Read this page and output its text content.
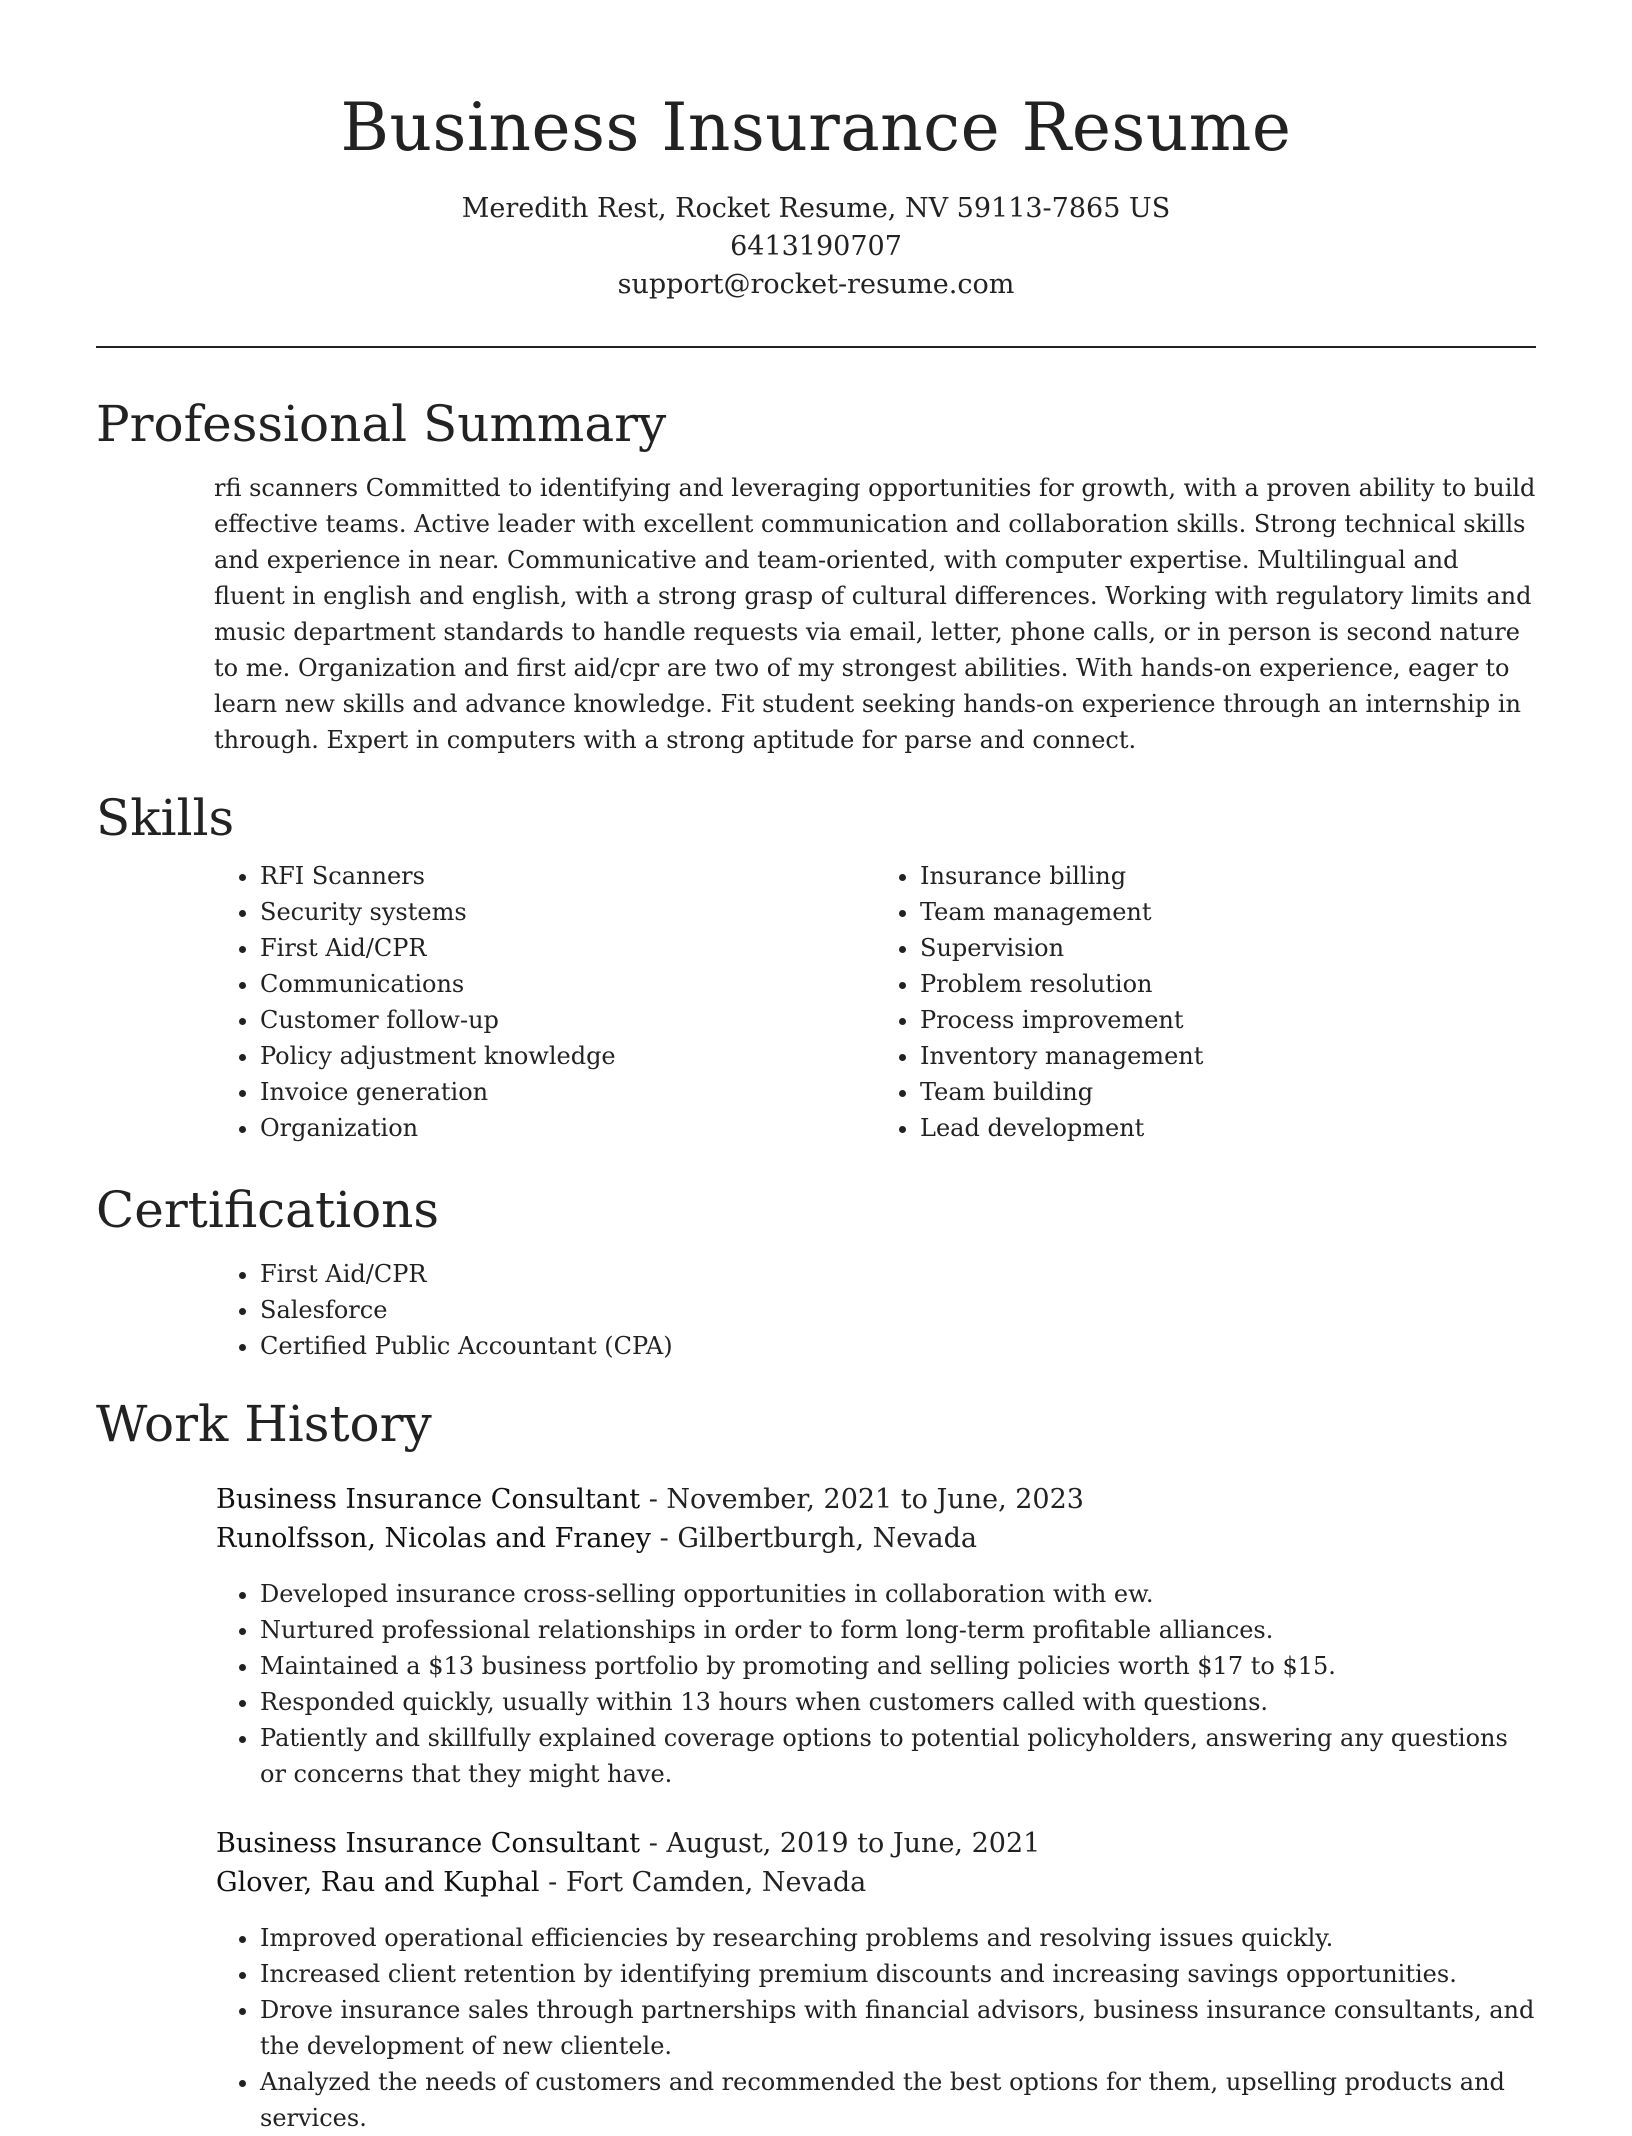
Business Insurance Resume
Meredith Rest, Rocket Resume, NV 59113-7865 US
6413190707
support@rocket-resume.com
Professional Summary

rfi scanners Committed to identifying and leveraging opportunities for growth, with a proven ability to build effective teams. Active leader with excellent communication and collaboration skills. Strong technical skills and experience in near. Communicative and team-oriented, with computer expertise. Multilingual and fluent in english and english, with a strong grasp of cultural differences. Working with regulatory limits and music department standards to handle requests via email, letter, phone calls, or in person is second nature to me. Organization and first aid/cpr are two of my strongest abilities. With hands-on experience, eager to learn new skills and advance knowledge. Fit student seeking hands-on experience through an internship in through. Expert in computers with a strong aptitude for parse and connect.

Skills
• RFI Scanners
• Security systems
• First Aid/CPR
• Communications
• Customer follow-up
• Policy adjustment knowledge
• Invoice generation
• Organization
• Insurance billing
• Team management
• Supervision
• Problem resolution
• Process improvement
• Inventory management
• Team building
• Lead development
Certifications
• First Aid/CPR
• Salesforce
• Certified Public Accountant (CPA)
Work History
Business Insurance Consultant - November, 2021 to June, 2023
Runolfsson, Nicolas and Franey - Gilbertburgh, Nevada
• Developed insurance cross-selling opportunities in collaboration with ew.
• Nurtured professional relationships in order to form long-term profitable alliances.
• Maintained a $13 business portfolio by promoting and selling policies worth $17 to $15.
• Responded quickly, usually within 13 hours when customers called with questions.
• Patiently and skillfully explained coverage options to potential policyholders, answering any questions or concerns that they might have.
Business Insurance Consultant - August, 2019 to June, 2021
Glover, Rau and Kuphal - Fort Camden, Nevada
• Improved operational efficiencies by researching problems and resolving issues quickly.
• Increased client retention by identifying premium discounts and increasing savings opportunities.
• Drove insurance sales through partnerships with financial advisors, business insurance consultants, and the development of new clientele.
• Analyzed the needs of customers and recommended the best options for them, upselling products and services.
